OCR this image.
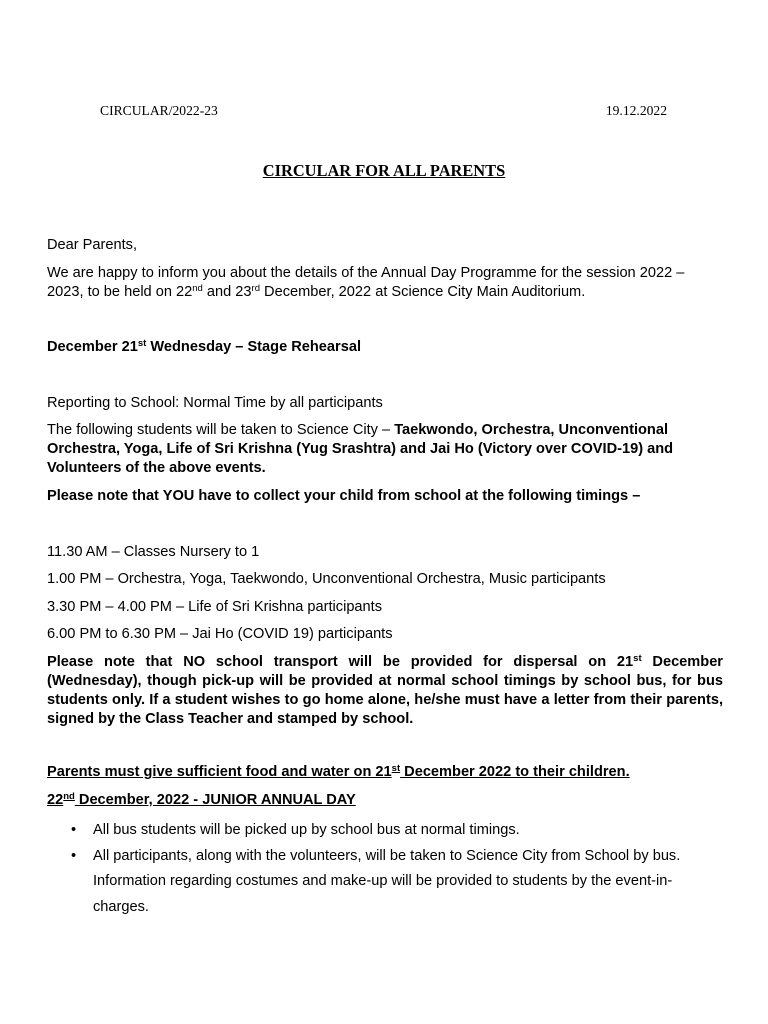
CIRCULAR/2022-23	19.12.2022
CIRCULAR FOR ALL PARENTS
Dear Parents,
We are happy to inform you about the details of the Annual Day Programme for the session 2022 – 2023, to be held on 22nd and 23rd December, 2022 at Science City Main Auditorium.
December 21st Wednesday – Stage Rehearsal
Reporting to School: Normal Time by all participants
The following students will be taken to Science City – Taekwondo, Orchestra, Unconventional Orchestra, Yoga, Life of Sri Krishna (Yug Srashtra) and Jai Ho (Victory over COVID-19) and Volunteers of the above events.
Please note that YOU have to collect your child from school at the following timings –
11.30 AM – Classes Nursery to 1
1.00 PM – Orchestra, Yoga, Taekwondo, Unconventional Orchestra, Music participants
3.30 PM – 4.00 PM – Life of Sri Krishna participants
6.00 PM to 6.30 PM – Jai Ho (COVID 19) participants
Please note that NO school transport will be provided for dispersal on 21st December (Wednesday), though pick-up will be provided at normal school timings by school bus, for bus students only. If a student wishes to go home alone, he/she must have a letter from their parents, signed by the Class Teacher and stamped by school.
Parents must give sufficient food and water on 21st December 2022 to their children.
22nd December, 2022 - JUNIOR ANNUAL DAY
• All bus students will be picked up by school bus at normal timings.
• All participants, along with the volunteers, will be taken to Science City from School by bus. Information regarding costumes and make-up will be provided to students by the event-in-charges.
